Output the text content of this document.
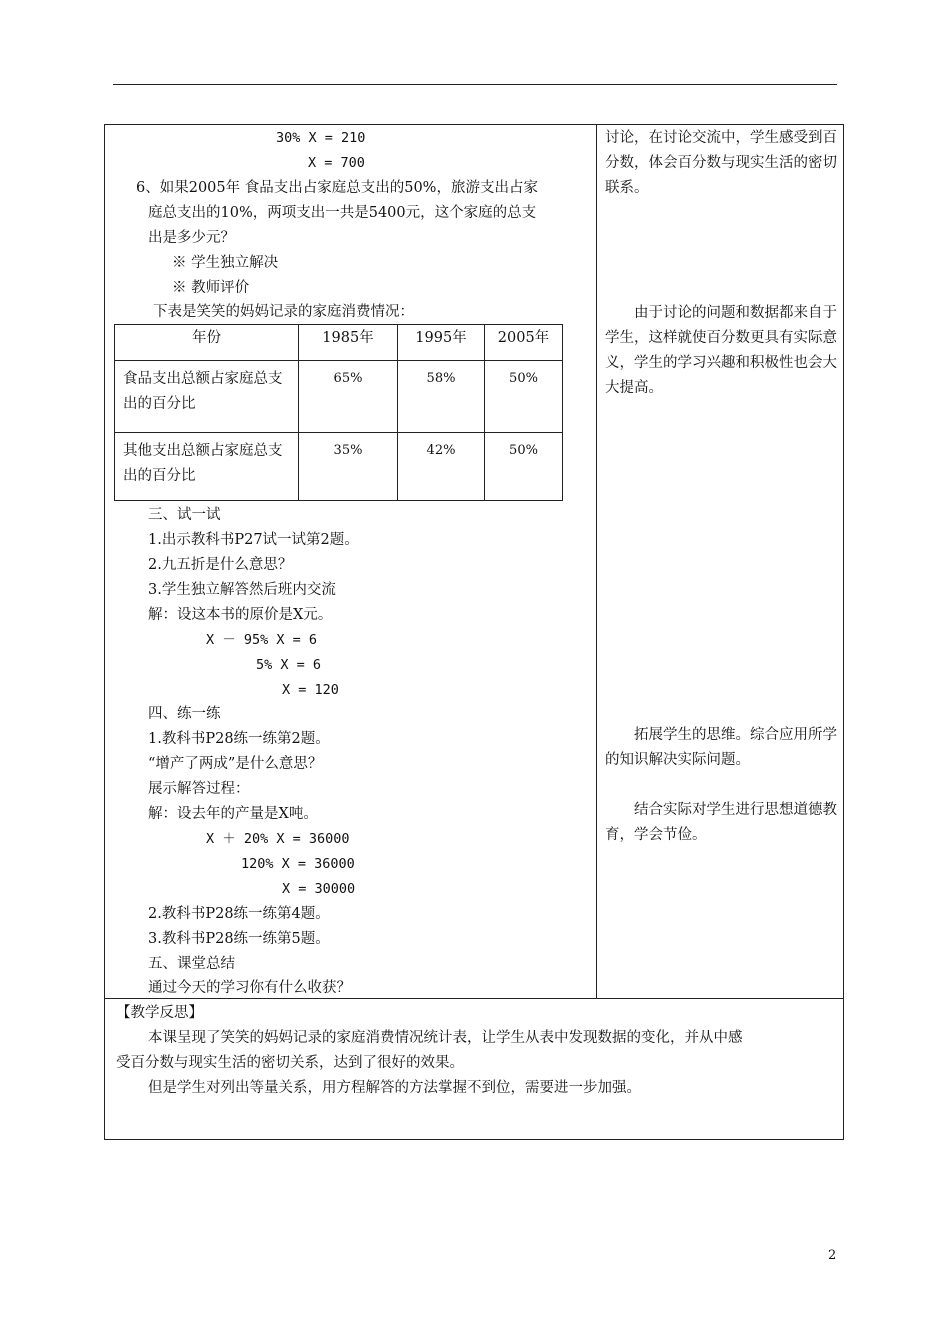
30% X = 210
X = 700
6、如果2005年 食品支出占家庭总支出的50%，旅游支出占家
庭总支出的10%，两项支出一共是5400元，这个家庭的总支
出是多少元？
※ 学生独立解决
※ 教师评价
下表是笑笑的妈妈记录的家庭消费情况：
年份	1985年	1995年	2005年

食品支出总额占家庭总支出的百分比	65%	58%	50%

其他支出总额占家庭总支出的百分比	35%	42%	50%
三、试一试
1.出示教科书P27试一试第2题。
2.九五折是什么意思？
3.学生独立解答然后班内交流
解：设这本书的原价是X元。
X － 95% X = 6
5% X = 6
X = 120
四、练一练
1.教科书P28练一练第2题。
“增产了两成”是什么意思？
展示解答过程：
解：设去年的产量是X吨。
X ＋ 20% X = 36000
120% X = 36000
X = 30000
2.教科书P28练一练第4题。
3.教科书P28练一练第5题。
五、课堂总结
通过今天的学习你有什么收获？
讨论，在讨论交流中，学生感受到百分数，体会百分数与现实生活的密切联系。
由于讨论的问题和数据都来自于学生，这样就使百分数更具有实际意义，学生的学习兴趣和积极性也会大大提高。
拓展学生的思维。综合应用所学的知识解决实际问题。
结合实际对学生进行思想道德教育，学会节俭。
【教学反思】
本课呈现了笑笑的妈妈记录的家庭消费情况统计表，让学生从表中发现数据的变化，并从中感
受百分数与现实生活的密切关系，达到了很好的效果。
但是学生对列出等量关系，用方程解答的方法掌握不到位，需要进一步加强。
2
